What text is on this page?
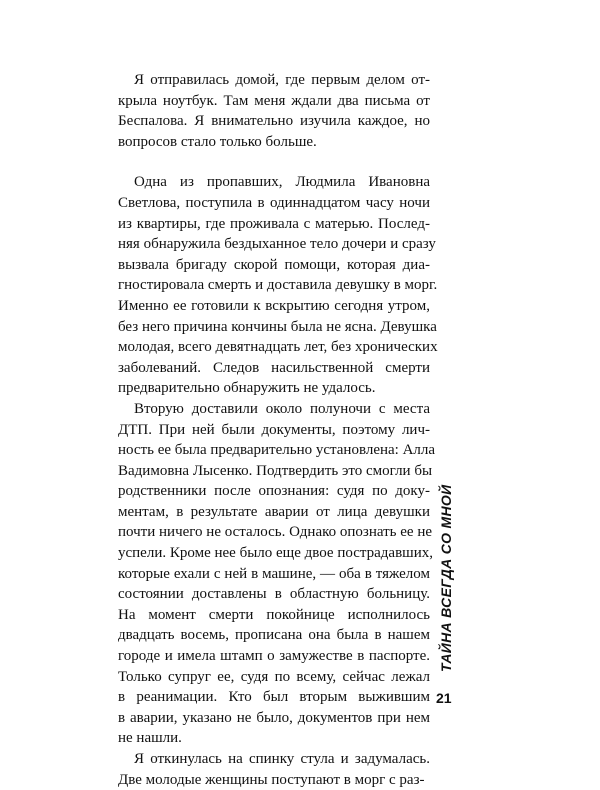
Я отправилась домой, где первым делом от-
крыла ноутбук. Там меня ждали два письма от
Беспалова. Я внимательно изучила каждое, но
вопросов стало только больше.
Одна из пропавших, Людмила Ивановна
Светлова, поступила в одиннадцатом часу ночи
из квартиры, где проживала с матерью. Послед-
няя обнаружила бездыханное тело дочери и сразу
вызвала бригаду скорой помощи, которая диа-
гностировала смерть и доставила девушку в морг.
Именно ее готовили к вскрытию сегодня утром,
без него причина кончины была не ясна. Девушка
молодая, всего девятнадцать лет, без хронических
заболеваний. Следов насильственной смерти
предварительно обнаружить не удалось.
Вторую доставили около полуночи с места
ДТП. При ней были документы, поэтому лич-
ность ее была предварительно установлена: Алла
Вадимовна Лысенко. Подтвердить это смогли бы
родственники после опознания: судя по доку-
ментам, в результате аварии от лица девушки
почти ничего не осталось. Однако опознать ее не
успели. Кроме нее было еще двое пострадавших,
которые ехали с ней в машине, — оба в тяжелом
состоянии доставлены в областную больницу.
На момент смерти покойнице исполнилось
двадцать восемь, прописана она была в нашем
городе и имела штамп о замужестве в паспорте.
Только супруг ее, судя по всему, сейчас лежал
в реанимации. Кто был вторым выжившим
в аварии, указано не было, документов при нем
не нашли.
Я откинулась на спинку стула и задумалась.
Две молодые женщины поступают в морг с раз-
ТАЙНА ВСЕГДА СО МНОЙ
21
